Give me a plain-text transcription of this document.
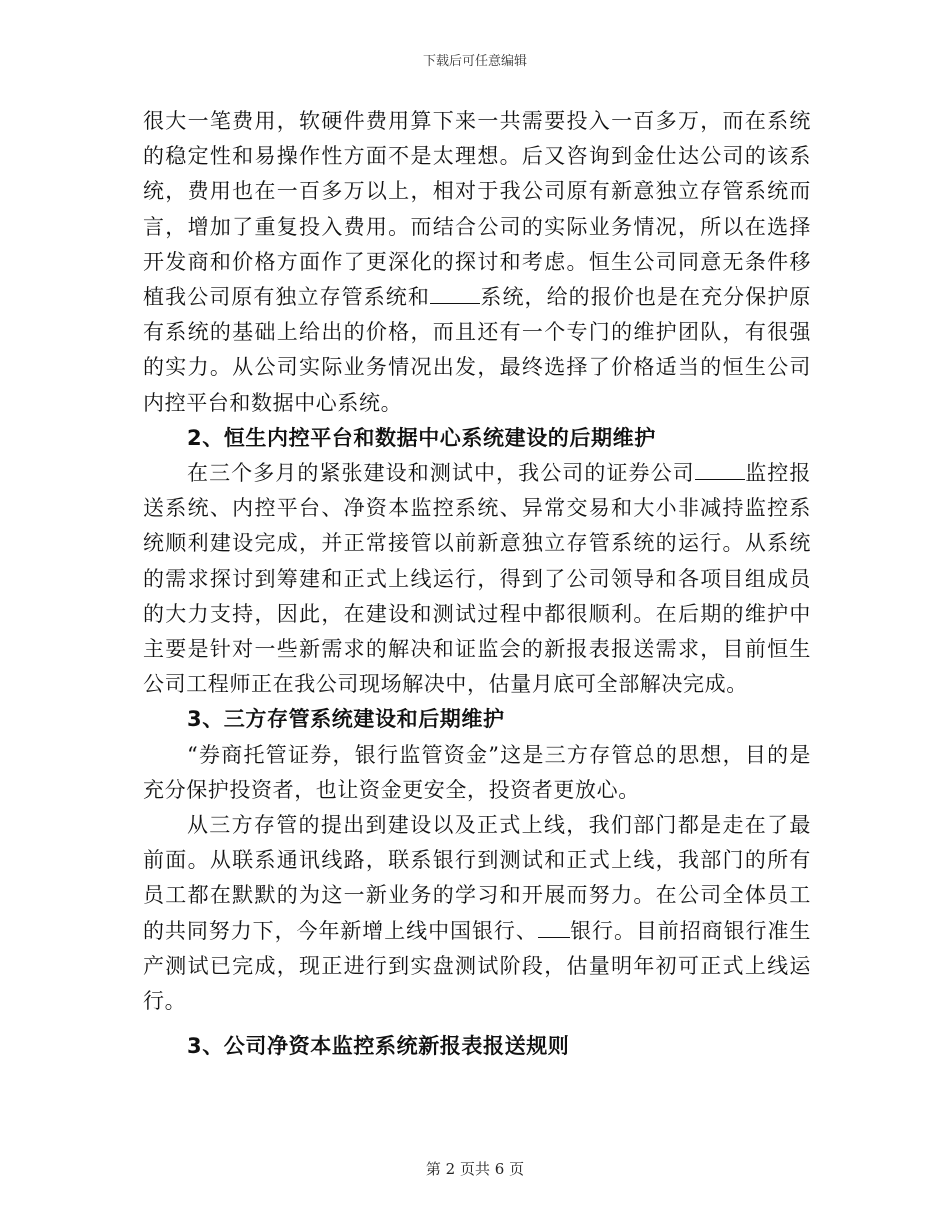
下载后可任意编辑

很大一笔费用，软硬件费用算下来一共需要投入一百多万，而在系统的稳定性和易操作性方面不是太理想。后又咨询到金仕达公司的该系统，费用也在一百多万以上，相对于我公司原有新意独立存管系统而言，增加了重复投入费用。而结合公司的实际业务情况，所以在选择开发商和价格方面作了更深化的探讨和考虑。恒生公司同意无条件移植我公司原有独立存管系统和 系统，给的报价也是在充分保护原有系统的基础上给出的价格，而且还有一个专门的维护团队，有很强的实力。从公司实际业务情况出发，最终选择了价格适当的恒生公司内控平台和数据中心系统。

2、恒生内控平台和数据中心系统建设的后期维护

在三个多月的紧张建设和测试中，我公司的证券公司 监控报送系统、内控平台、净资本监控系统、异常交易和大小非减持监控系统顺利建设完成，并正常接管以前新意独立存管系统的运行。从系统的需求探讨到筹建和正式上线运行，得到了公司领导和各项目组成员的大力支持，因此，在建设和测试过程中都很顺利。在后期的维护中主要是针对一些新需求的解决和证监会的新报表报送需求，目前恒生公司工程师正在我公司现场解决中，估量月底可全部解决完成。

3、三方存管系统建设和后期维护

“券商托管证券，银行监管资金”这是三方存管总的思想，目的是充分保护投资者，也让资金更安全，投资者更放心。

从三方存管的提出到建设以及正式上线，我们部门都是走在了最前面。从联系通讯线路，联系银行到测试和正式上线，我部门的所有员工都在默默的为这一新业务的学习和开展而努力。在公司全体员工的共同努力下，今年新增上线中国银行、 银行。目前招商银行准生产测试已完成，现正进行到实盘测试阶段，估量明年初可正式上线运行。

3、公司净资本监控系统新报表报送规则

第 2 页共 6 页
